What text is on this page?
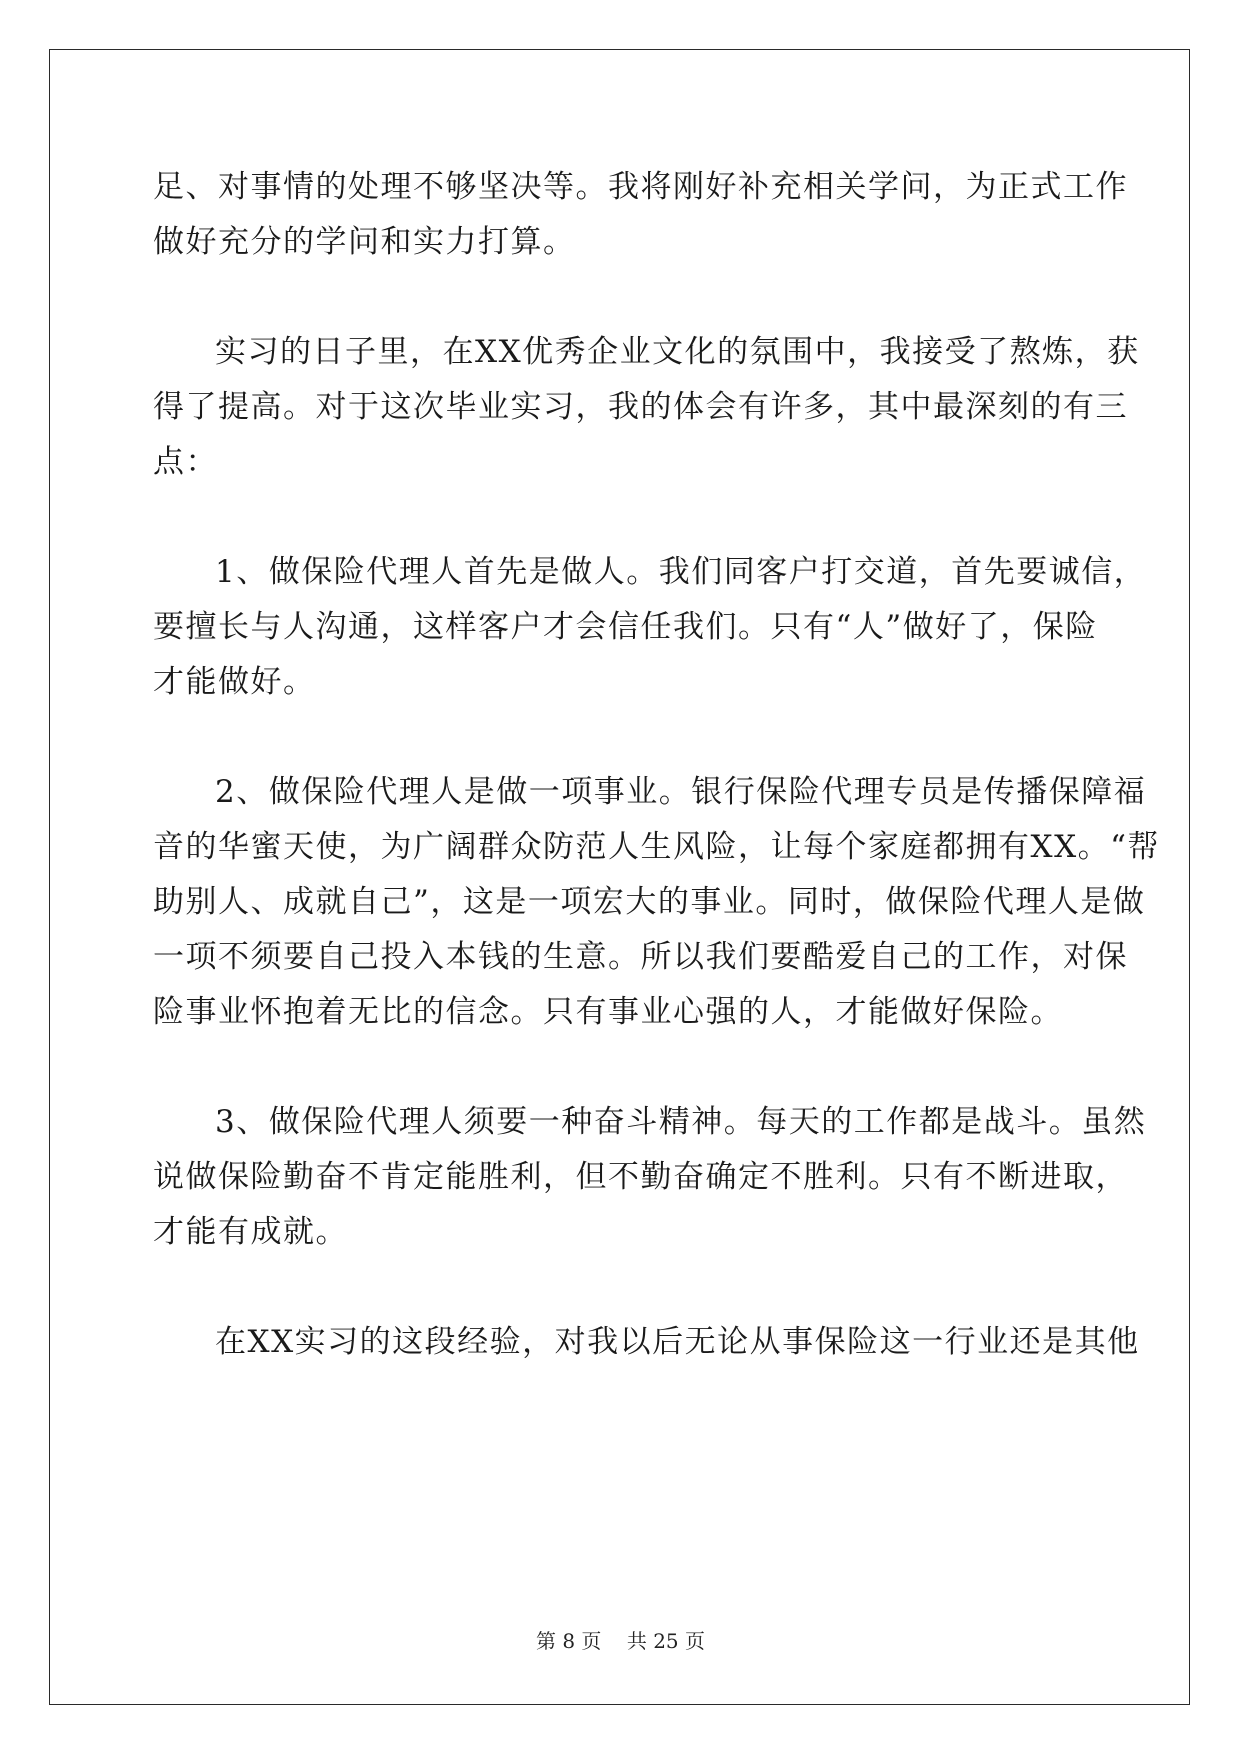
足、对事情的处理不够坚决等。我将刚好补充相关学问，为正式工作
做好充分的学问和实力打算。
实习的日子里，在XX优秀企业文化的氛围中，我接受了熬炼，获
得了提高。对于这次毕业实习，我的体会有许多，其中最深刻的有三
点：
1、做保险代理人首先是做人。我们同客户打交道，首先要诚信，
要擅长与人沟通，这样客户才会信任我们。只有“人”做好了，保险
才能做好。
2、做保险代理人是做一项事业。银行保险代理专员是传播保障福
音的华蜜天使，为广阔群众防范人生风险，让每个家庭都拥有XX。“帮
助别人、成就自己”，这是一项宏大的事业。同时，做保险代理人是做
一项不须要自己投入本钱的生意。所以我们要酷爱自己的工作，对保
险事业怀抱着无比的信念。只有事业心强的人，才能做好保险。
3、做保险代理人须要一种奋斗精神。每天的工作都是战斗。虽然
说做保险勤奋不肯定能胜利，但不勤奋确定不胜利。只有不断进取，
才能有成就。
在XX实习的这段经验，对我以后无论从事保险这一行业还是其他
第 8 页    共 25 页
